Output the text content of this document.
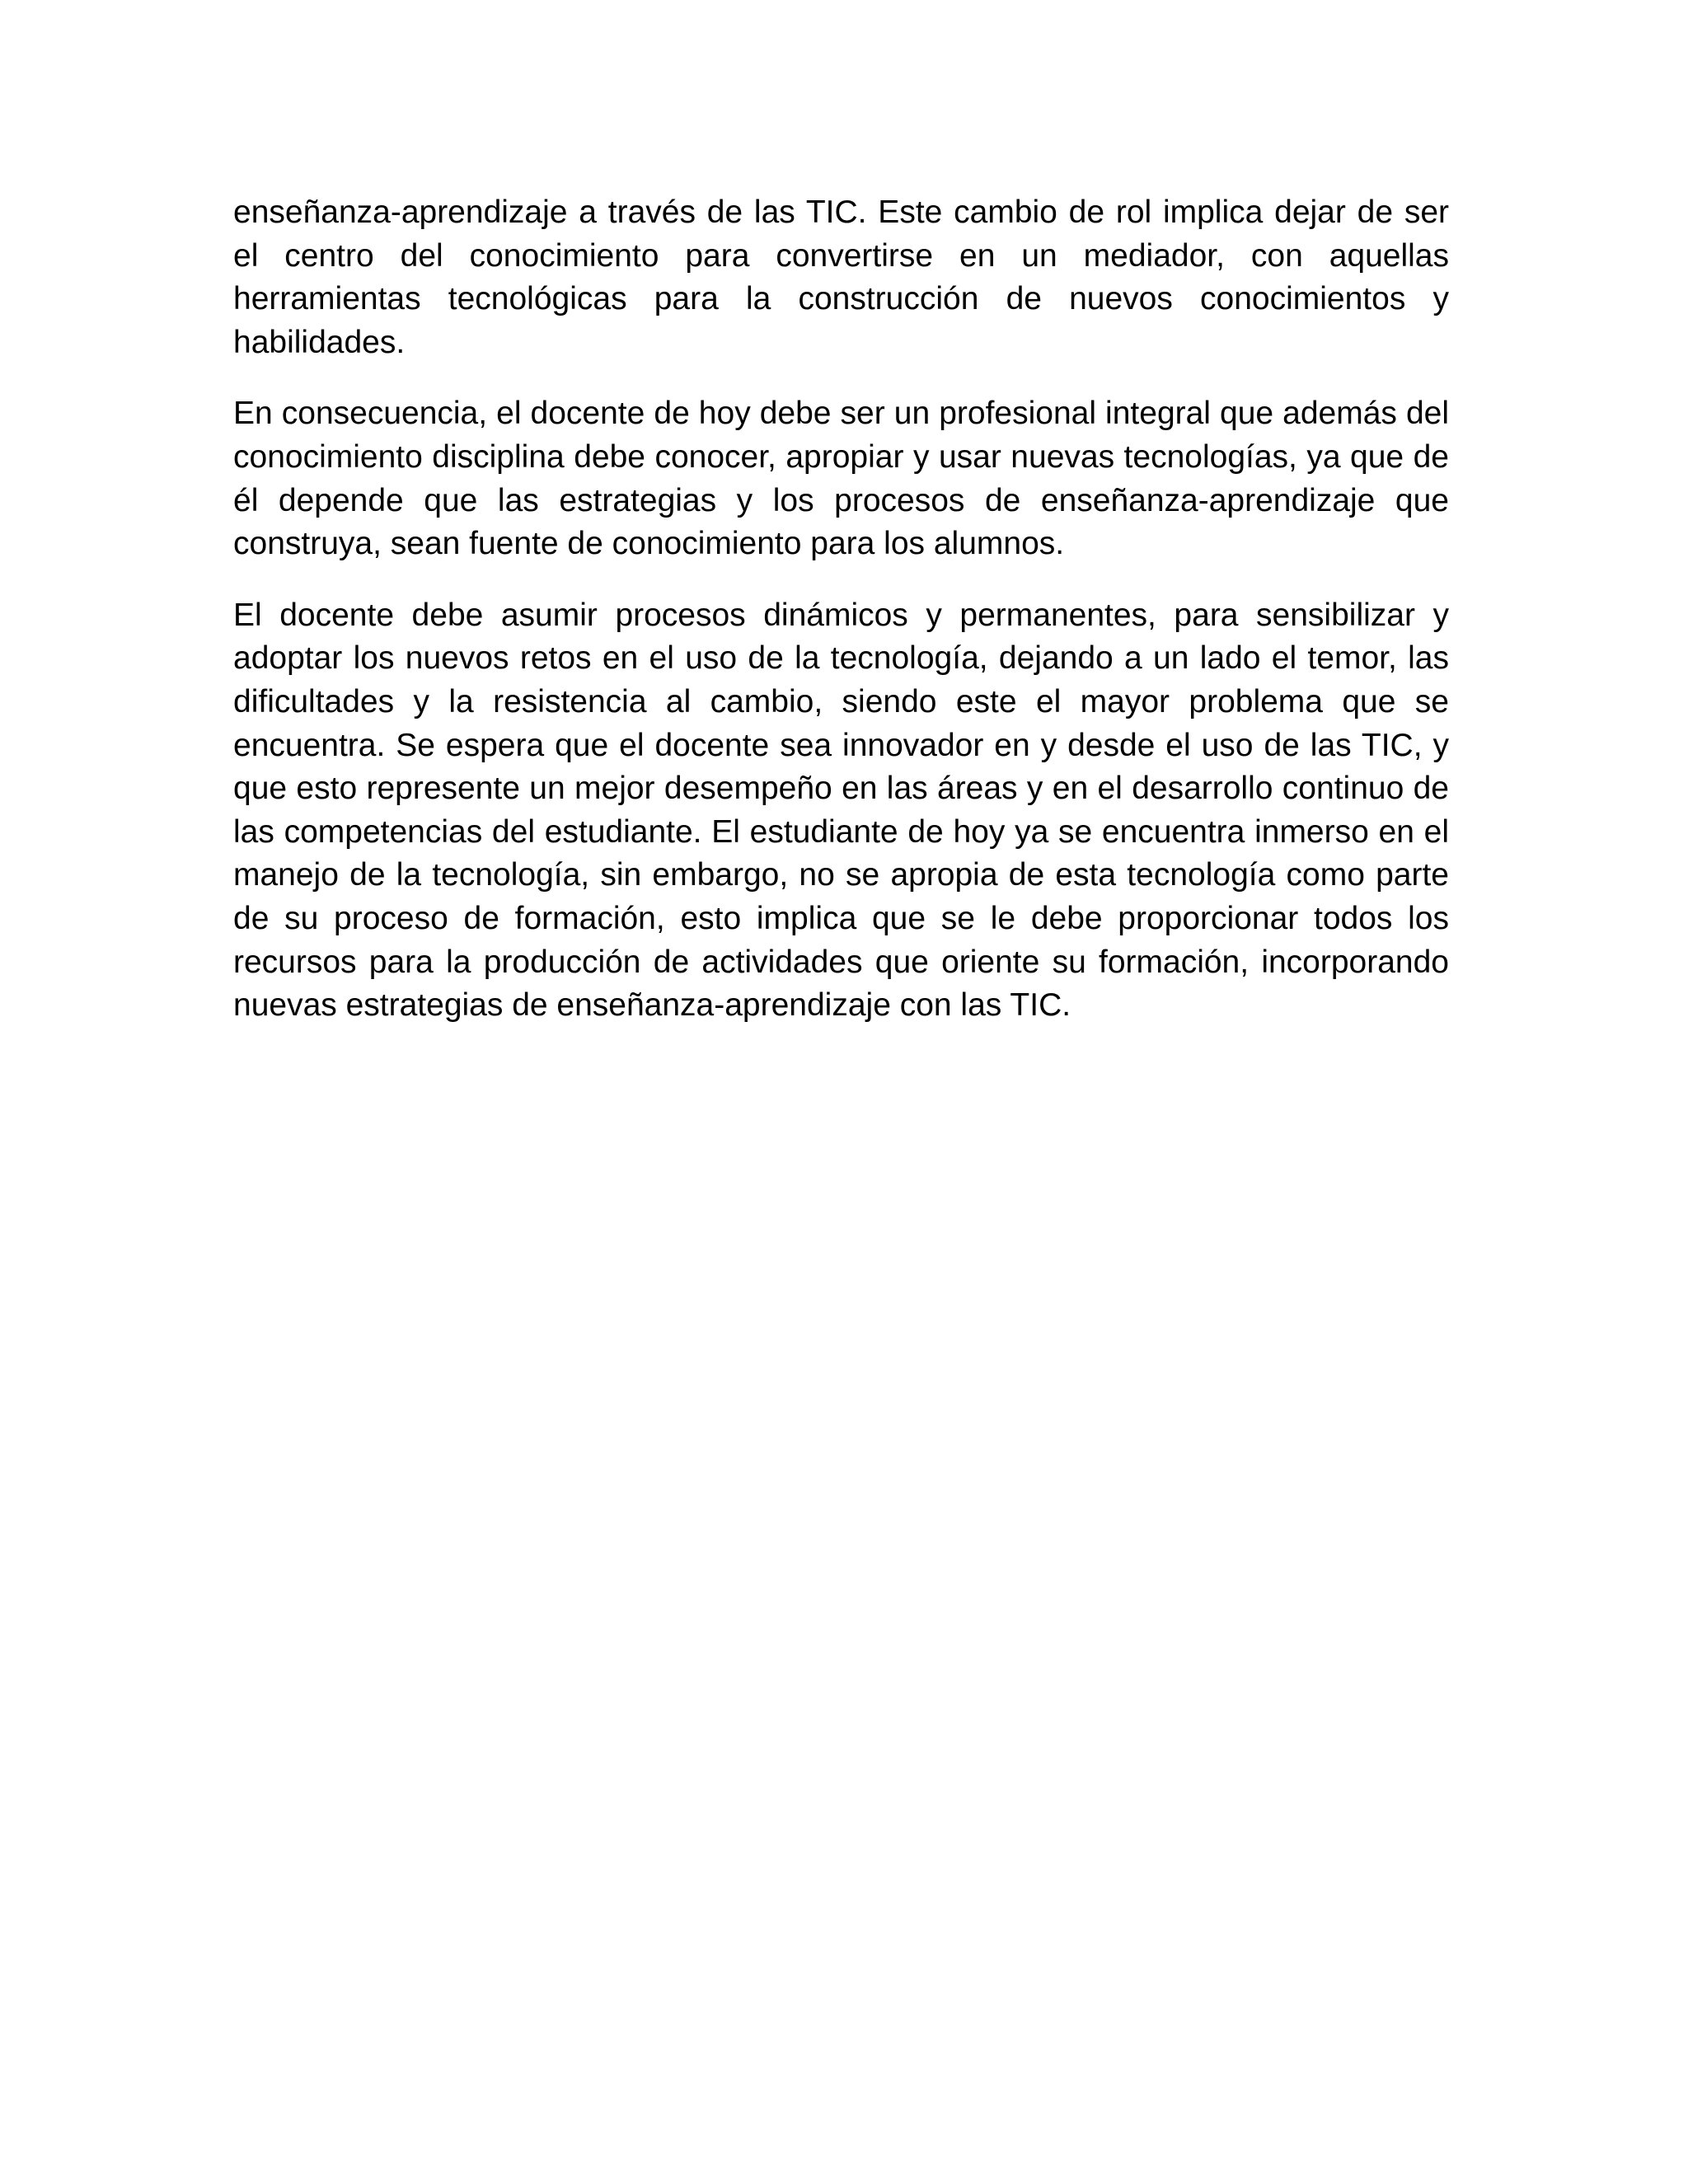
enseñanza-aprendizaje a través de las TIC. Este cambio de rol implica dejar de ser el centro del conocimiento para convertirse en un mediador, con aquellas herramientas tecnológicas para la construcción de nuevos conocimientos y habilidades.

En consecuencia, el docente de hoy debe ser un profesional integral que además del conocimiento disciplina debe conocer, apropiar y usar nuevas tecnologías, ya que de él depende que las estrategias y los procesos de enseñanza-aprendizaje que construya, sean fuente de conocimiento para los alumnos.

El docente debe asumir procesos dinámicos y permanentes, para sensibilizar y adoptar los nuevos retos en el uso de la tecnología, dejando a un lado el temor, las dificultades y la resistencia al cambio, siendo este el mayor problema que se encuentra. Se espera que el docente sea innovador en y desde el uso de las TIC, y que esto represente un mejor desempeño en las áreas y en el desarrollo continuo de las competencias del estudiante. El estudiante de hoy ya se encuentra inmerso en el manejo de la tecnología, sin embargo, no se apropia de esta tecnología como parte de su proceso de formación, esto implica que se le debe proporcionar todos los recursos para la producción de actividades que oriente su formación, incorporando nuevas estrategias de enseñanza-aprendizaje con las TIC.
